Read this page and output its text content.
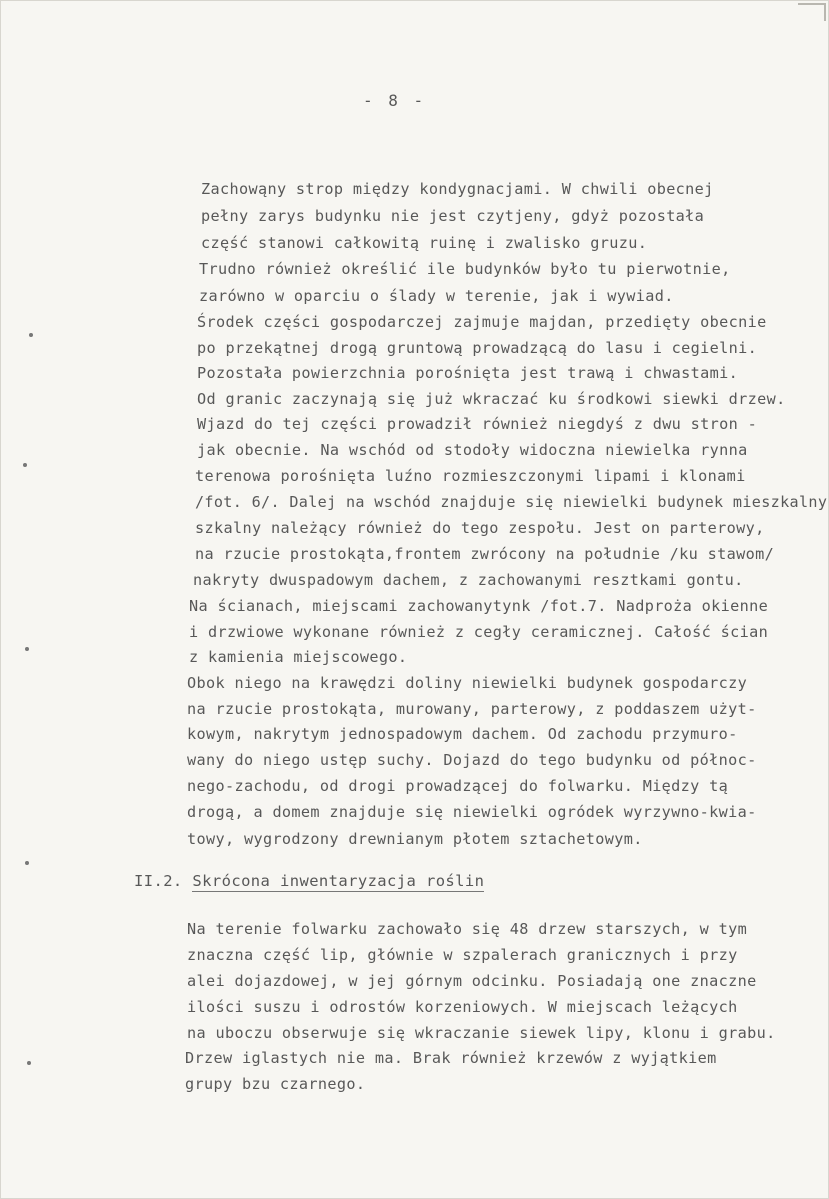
- 8 -
Zachowąny strop między kondygnacjami. W chwili obecnej
pełny zarys budynku nie jest czytjeny, gdyż pozostała
część stanowi całkowitą ruinę i zwalisko gruzu.
Trudno również określić ile budynków było tu pierwotnie,
zarówno w oparciu o ślady w terenie, jak i wywiad.
Środek części gospodarczej zajmuje majdan, przedięty obecnie
po przekątnej drogą gruntową prowadzącą do lasu i cegielni.
Pozostała powierzchnia porośnięta jest trawą i chwastami.
Od granic zaczynają się już wkraczać ku środkowi siewki drzew.
Wjazd do tej części prowadził również niegdyś z dwu stron -
jak obecnie. Na wschód od stodoły widoczna niewielka rynna
terenowa porośnięta luźno rozmieszczonymi lipami i klonami
/fot. 6/. Dalej na wschód znajduje się niewielki budynek mieszkalny
szkalny należący również do tego zespołu. Jest on parterowy,
na rzucie prostokąta,frontem zwrócony na południe /ku stawom/
nakryty dwuspadowym dachem, z zachowanymi resztkami gontu.
Na ścianach, miejscami zachowanytynk /fot.7. Nadproża okienne
i drzwiowe wykonane również z cegły ceramicznej. Całość ścian
z kamienia miejscowego.
Obok niego na krawędzi doliny niewielki budynek gospodarczy
na rzucie prostokąta, murowany, parterowy, z poddaszem użyt-
kowym, nakrytym jednospadowym dachem. Od zachodu przymuro-
wany do niego ustęp suchy. Dojazd do tego budynku od północ-
nego-zachodu, od drogi prowadzącej do folwarku. Między tą
drogą, a domem znajduje się niewielki ogródek wyrzywno-kwia-
towy, wygrodzony drewnianym płotem sztachetowym.
II.2. Skrócona inwentaryzacja roślin
Na terenie folwarku zachowało się 48 drzew starszych, w tym
znaczna część lip, głównie w szpalerach granicznych i przy
alei dojazdowej, w jej górnym odcinku. Posiadają one znaczne
ilości suszu i odrostów korzeniowych. W miejscach leżących
na uboczu obserwuje się wkraczanie siewek lipy, klonu i grabu.
Drzew iglastych nie ma. Brak również krzewów z wyjątkiem
grupy bzu czarnego.
